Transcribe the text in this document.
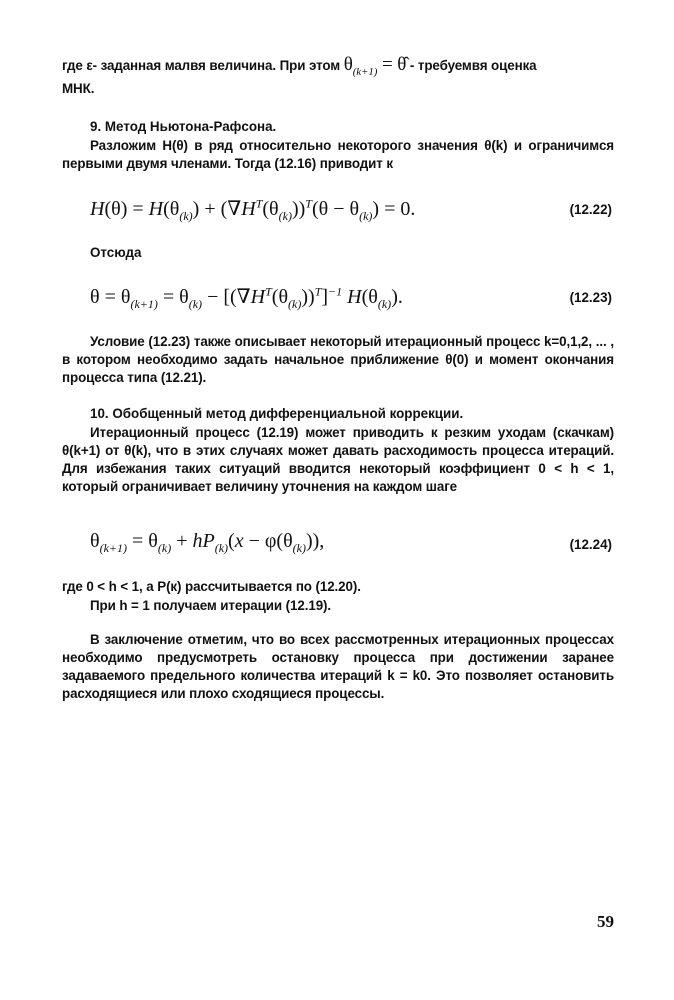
где ε- заданная малвя величина. При этом $\theta_{(k+1)}$ = θ̂ - требуемвя оценка
МНК.
9. Метод Ньютона-Рафсона.
Разложим H(θ) в ряд относительно некоторого значения θ(k) и ограничимся первыми двумя членами. Тогда (12.16) приводит к
$H(\theta) = H(\theta_{(k)}) + (\nabla H^T(\theta_{(k)}))^T(\theta - \theta_{(k)}) = 0$.	(12.22)
Отсюда
$\theta = \theta_{(k+1)} = \theta_{(k)} - [(\nabla H^T(\theta_{(k)}))^T]^{-1}$ $H(\theta_{(k)})$.	(12.23)
Условие (12.23) также описывает некоторый итерационный процесс k=0,1,2, ... , в котором необходимо задать начальное приближение θ(0) и момент окончания процесса типа (12.21).
10. Обобщенный метод дифференциальной коррекции.
Итерационный процесс (12.19) может приводить к резким уходам (скачкам) θ(k+1) от θ(k), что в этих случаях может давать расходимость процесса итераций. Для избежания таких ситуаций вводится некоторый коэффициент 0 < h < 1, который ограничивает величину уточнения на каждом шаге
$\theta_{(k+1)} = \theta_{(k)} + hP_{(k)}(x - \varphi(\theta_{(k)}))$,	(12.24)
где 0 < h < 1, а P(к) рассчитывается по (12.20).
При h = 1 получаем итерации (12.19).
В заключение отметим, что во всех рассмотренных итерационных процессах необходимо предусмотреть остановку процесса при достижении заранее задаваемого предельного количества итераций k = k0. Это позволяет остановить расходящиеся или плохо сходящиеся процессы.
59
